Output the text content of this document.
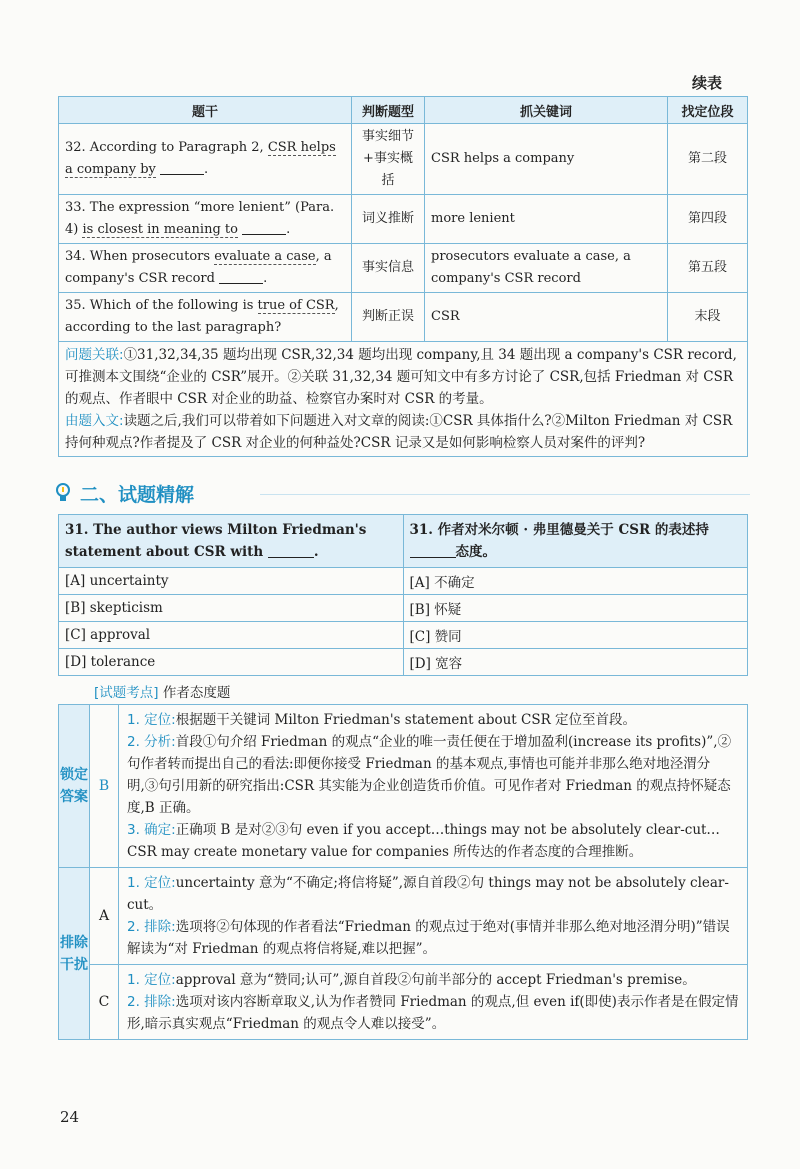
续表
题干	判断题型	抓关键词	找定位段
32. According to Paragraph 2, CSR helps a company by .	事实细节+事实概括	CSR helps a company	第二段
33. The expression “more lenient” (Para. 4) is closest in meaning to .	词义推断	more lenient	第四段
34. When prosecutors evaluate a case, a company's CSR record .	事实信息	prosecutors evaluate a case, a company's CSR record	第五段
35. Which of the following is true of CSR, according to the last paragraph?	判断正误	CSR	末段
问题关联:①31,32,34,35 题均出现 CSR,32,34 题均出现 company,且 34 题出现 a company's CSR record,可推测本文围绕“企业的 CSR”展开。②关联 31,32,34 题可知文中有多方讨论了 CSR,包括 Friedman 对 CSR 的观点、作者眼中 CSR 对企业的助益、检察官办案时对 CSR 的考量。
由题入文:读题之后,我们可以带着如下问题进入对文章的阅读:①CSR 具体指什么?②Milton Friedman 对 CSR 持何种观点?作者提及了 CSR 对企业的何种益处?CSR 记录又是如何影响检察人员对案件的评判?			
二、试题精解
31. The author views Milton Friedman's statement about CSR with .	31. 作者对米尔顿 · 弗里德曼关于 CSR 的表述持
态度。
[A] uncertainty	[A] 不确定
[B] skepticism	[B] 怀疑
[C] approval	[C] 赞同
[D] tolerance	[D] 宽容
[试题考点] 作者态度题
锁定答案	B	1. 定位:根据题干关键词 Milton Friedman's statement about CSR 定位至首段。
2. 分析:首段①句介绍 Friedman 的观点“企业的唯一责任便在于增加盈利(increase its profits)”,②句作者转而提出自己的看法:即便你接受 Friedman 的基本观点,事情也可能并非那么绝对地泾渭分明,③句引用新的研究指出:CSR 其实能为企业创造货币价值。可见作者对 Friedman 的观点持怀疑态度,B 正确。
3. 确定:正确项 B 是对②③句 even if you accept…things may not be absolutely clear-cut…CSR may create monetary value for companies 所传达的作者态度的合理推断。

排除干扰	A	1. 定位:uncertainty 意为“不确定;将信将疑”,源自首段②句 things may not be absolutely clear-cut。
2. 排除:选项将②句体现的作者看法“Friedman 的观点过于绝对(事情并非那么绝对地泾渭分明)”错误解读为“对 Friedman 的观点将信将疑,难以把握”。

	C	1. 定位:approval 意为“赞同;认可”,源自首段②句前半部分的 accept Friedman's premise。
2. 排除:选项对该内容断章取义,认为作者赞同 Friedman 的观点,但 even if(即使)表示作者是在假定情形,暗示真实观点“Friedman 的观点令人难以接受”。
24
